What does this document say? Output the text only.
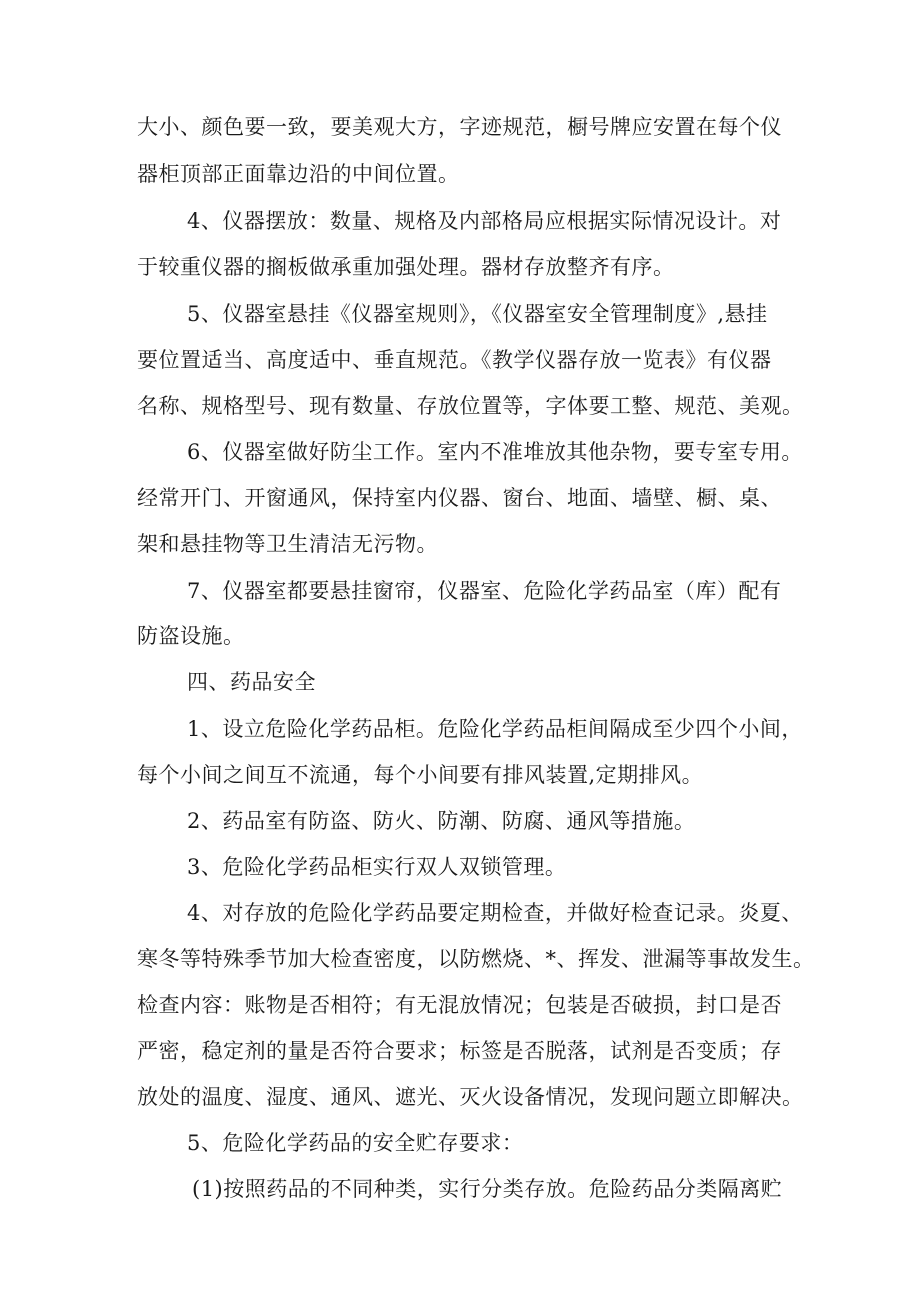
大小、颜色要一致，要美观大方，字迹规范，橱号牌应安置在每个仪
器柜顶部正面靠边沿的中间位置。
4、仪器摆放：数量、规格及内部格局应根据实际情况设计。对
于较重仪器的搁板做承重加强处理。器材存放整齐有序。
5、仪器室悬挂《仪器室规则》，《仪器室安全管理制度》,悬挂
要位置适当、高度适中、垂直规范。《教学仪器存放一览表》有仪器
名称、规格型号、现有数量、存放位置等，字体要工整、规范、美观。
6、仪器室做好防尘工作。室内不准堆放其他杂物，要专室专用。
经常开门、开窗通风，保持室内仪器、窗台、地面、墙壁、橱、桌、
架和悬挂物等卫生清洁无污物。
7、仪器室都要悬挂窗帘，仪器室、危险化学药品室（库）配有
防盗设施。
四、药品安全
1、设立危险化学药品柜。危险化学药品柜间隔成至少四个小间，
每个小间之间互不流通，每个小间要有排风装置,定期排风。
2、药品室有防盗、防火、防潮、防腐、通风等措施。
3、危险化学药品柜实行双人双锁管理。
4、对存放的危险化学药品要定期检查，并做好检查记录。炎夏、
寒冬等特殊季节加大检查密度，以防燃烧、*、挥发、泄漏等事故发生。
检查内容：账物是否相符；有无混放情况；包装是否破损，封口是否
严密，稳定剂的量是否符合要求；标签是否脱落，试剂是否变质；存
放处的温度、湿度、通风、遮光、灭火设备情况，发现问题立即解决。
5、危险化学药品的安全贮存要求：
(1)按照药品的不同种类，实行分类存放。危险药品分类隔离贮
